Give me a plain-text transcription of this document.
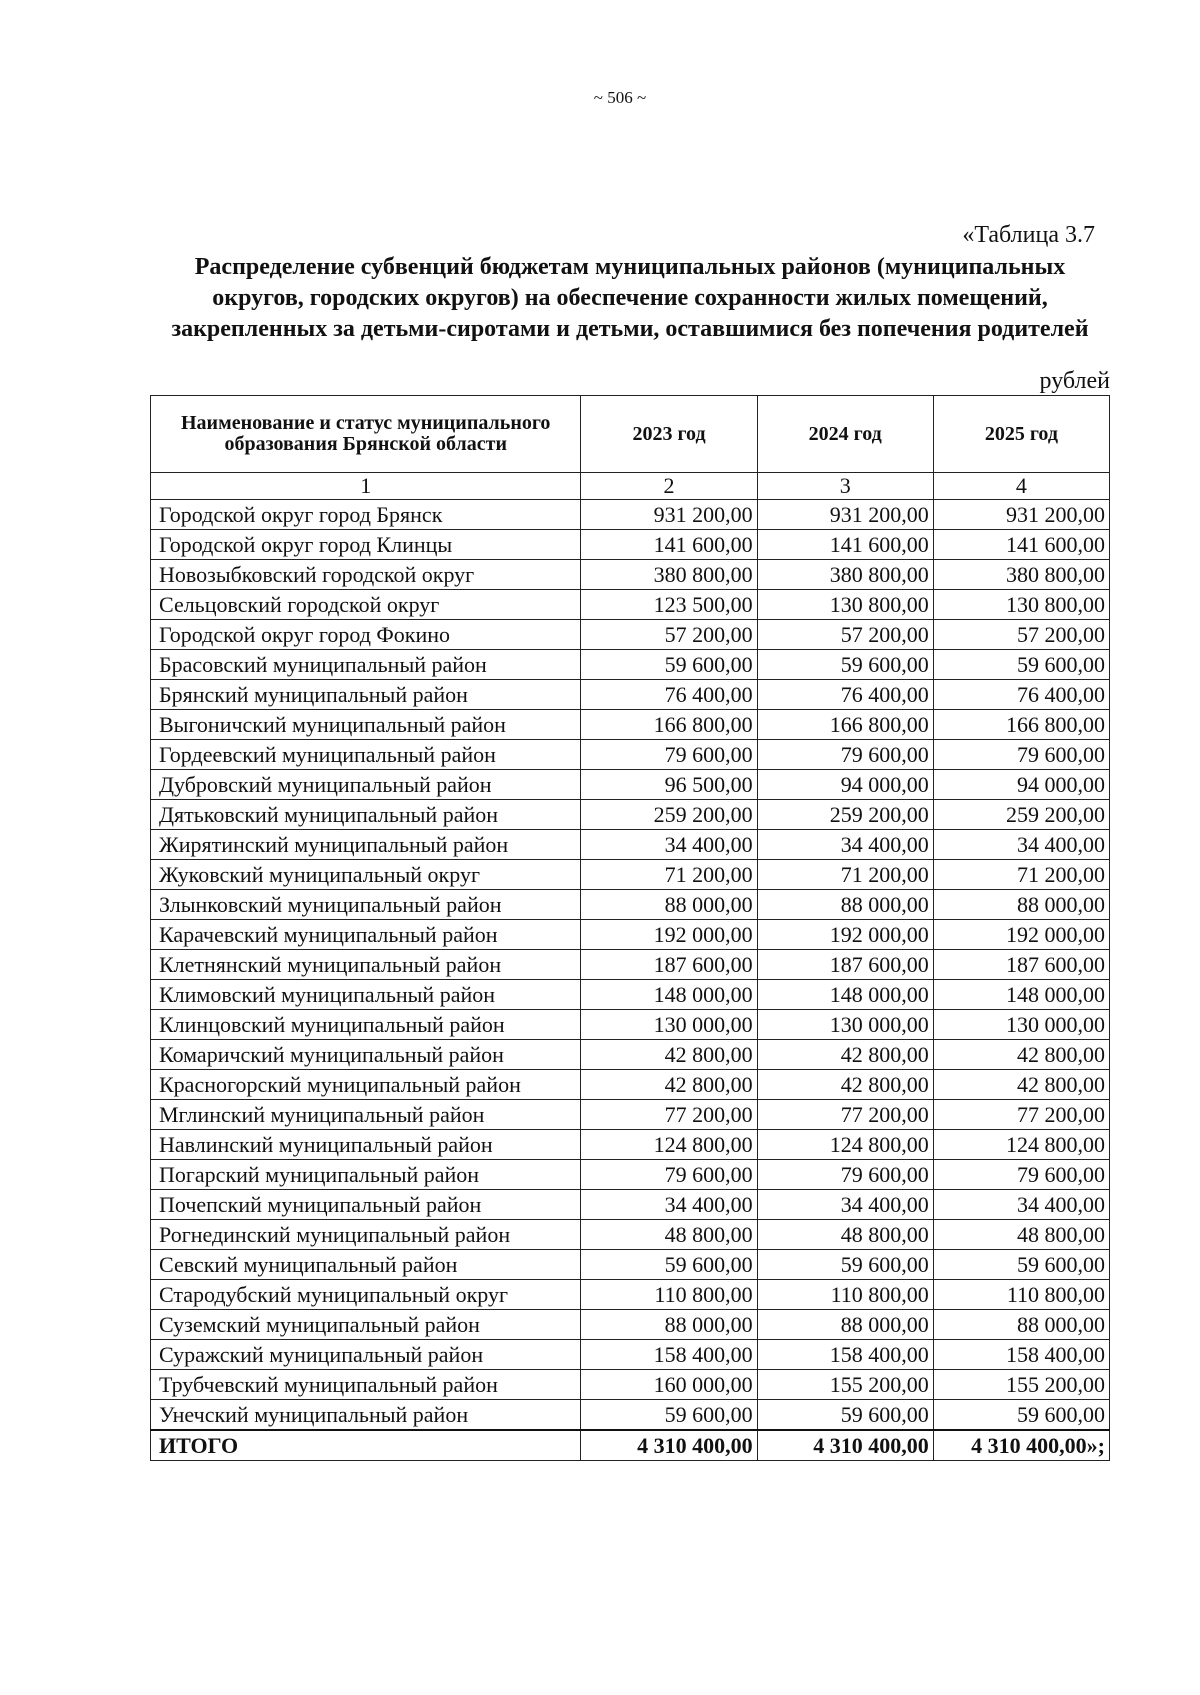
~ 506 ~
«Таблица 3.7
Распределение субвенций бюджетам муниципальных районов (муниципальных округов, городских округов) на обеспечение сохранности жилых помещений, закрепленных за детьми-сиротами и детьми, оставшимися без попечения родителей
рублей
Наименование и статус муниципального образования Брянской области	2023 год	2024 год	2025 год
1	2	3	4
Городской округ город Брянск	931 200,00	931 200,00	931 200,00
Городской округ город Клинцы	141 600,00	141 600,00	141 600,00
Новозыбковский городской округ	380 800,00	380 800,00	380 800,00
Сельцовский городской округ	123 500,00	130 800,00	130 800,00
Городской округ город Фокино	57 200,00	57 200,00	57 200,00
Брасовский муниципальный район	59 600,00	59 600,00	59 600,00
Брянский муниципальный район	76 400,00	76 400,00	76 400,00
Выгоничский муниципальный район	166 800,00	166 800,00	166 800,00
Гордеевский муниципальный район	79 600,00	79 600,00	79 600,00
Дубровский муниципальный район	96 500,00	94 000,00	94 000,00
Дятьковский муниципальный район	259 200,00	259 200,00	259 200,00
Жирятинский муниципальный район	34 400,00	34 400,00	34 400,00
Жуковский муниципальный округ	71 200,00	71 200,00	71 200,00
Злынковский муниципальный район	88 000,00	88 000,00	88 000,00
Карачевский муниципальный район	192 000,00	192 000,00	192 000,00
Клетнянский муниципальный район	187 600,00	187 600,00	187 600,00
Климовский муниципальный район	148 000,00	148 000,00	148 000,00
Клинцовский муниципальный район	130 000,00	130 000,00	130 000,00
Комаричский муниципальный район	42 800,00	42 800,00	42 800,00
Красногорский муниципальный район	42 800,00	42 800,00	42 800,00
Мглинский муниципальный район	77 200,00	77 200,00	77 200,00
Навлинский муниципальный район	124 800,00	124 800,00	124 800,00
Погарский муниципальный район	79 600,00	79 600,00	79 600,00
Почепский муниципальный район	34 400,00	34 400,00	34 400,00
Рогнединский муниципальный район	48 800,00	48 800,00	48 800,00
Севский муниципальный район	59 600,00	59 600,00	59 600,00
Стародубский муниципальный округ	110 800,00	110 800,00	110 800,00
Суземский муниципальный район	88 000,00	88 000,00	88 000,00
Суражский муниципальный район	158 400,00	158 400,00	158 400,00
Трубчевский муниципальный район	160 000,00	155 200,00	155 200,00
Унечский муниципальный район	59 600,00	59 600,00	59 600,00
ИТОГО	4 310 400,00	4 310 400,00	4 310 400,00»;
